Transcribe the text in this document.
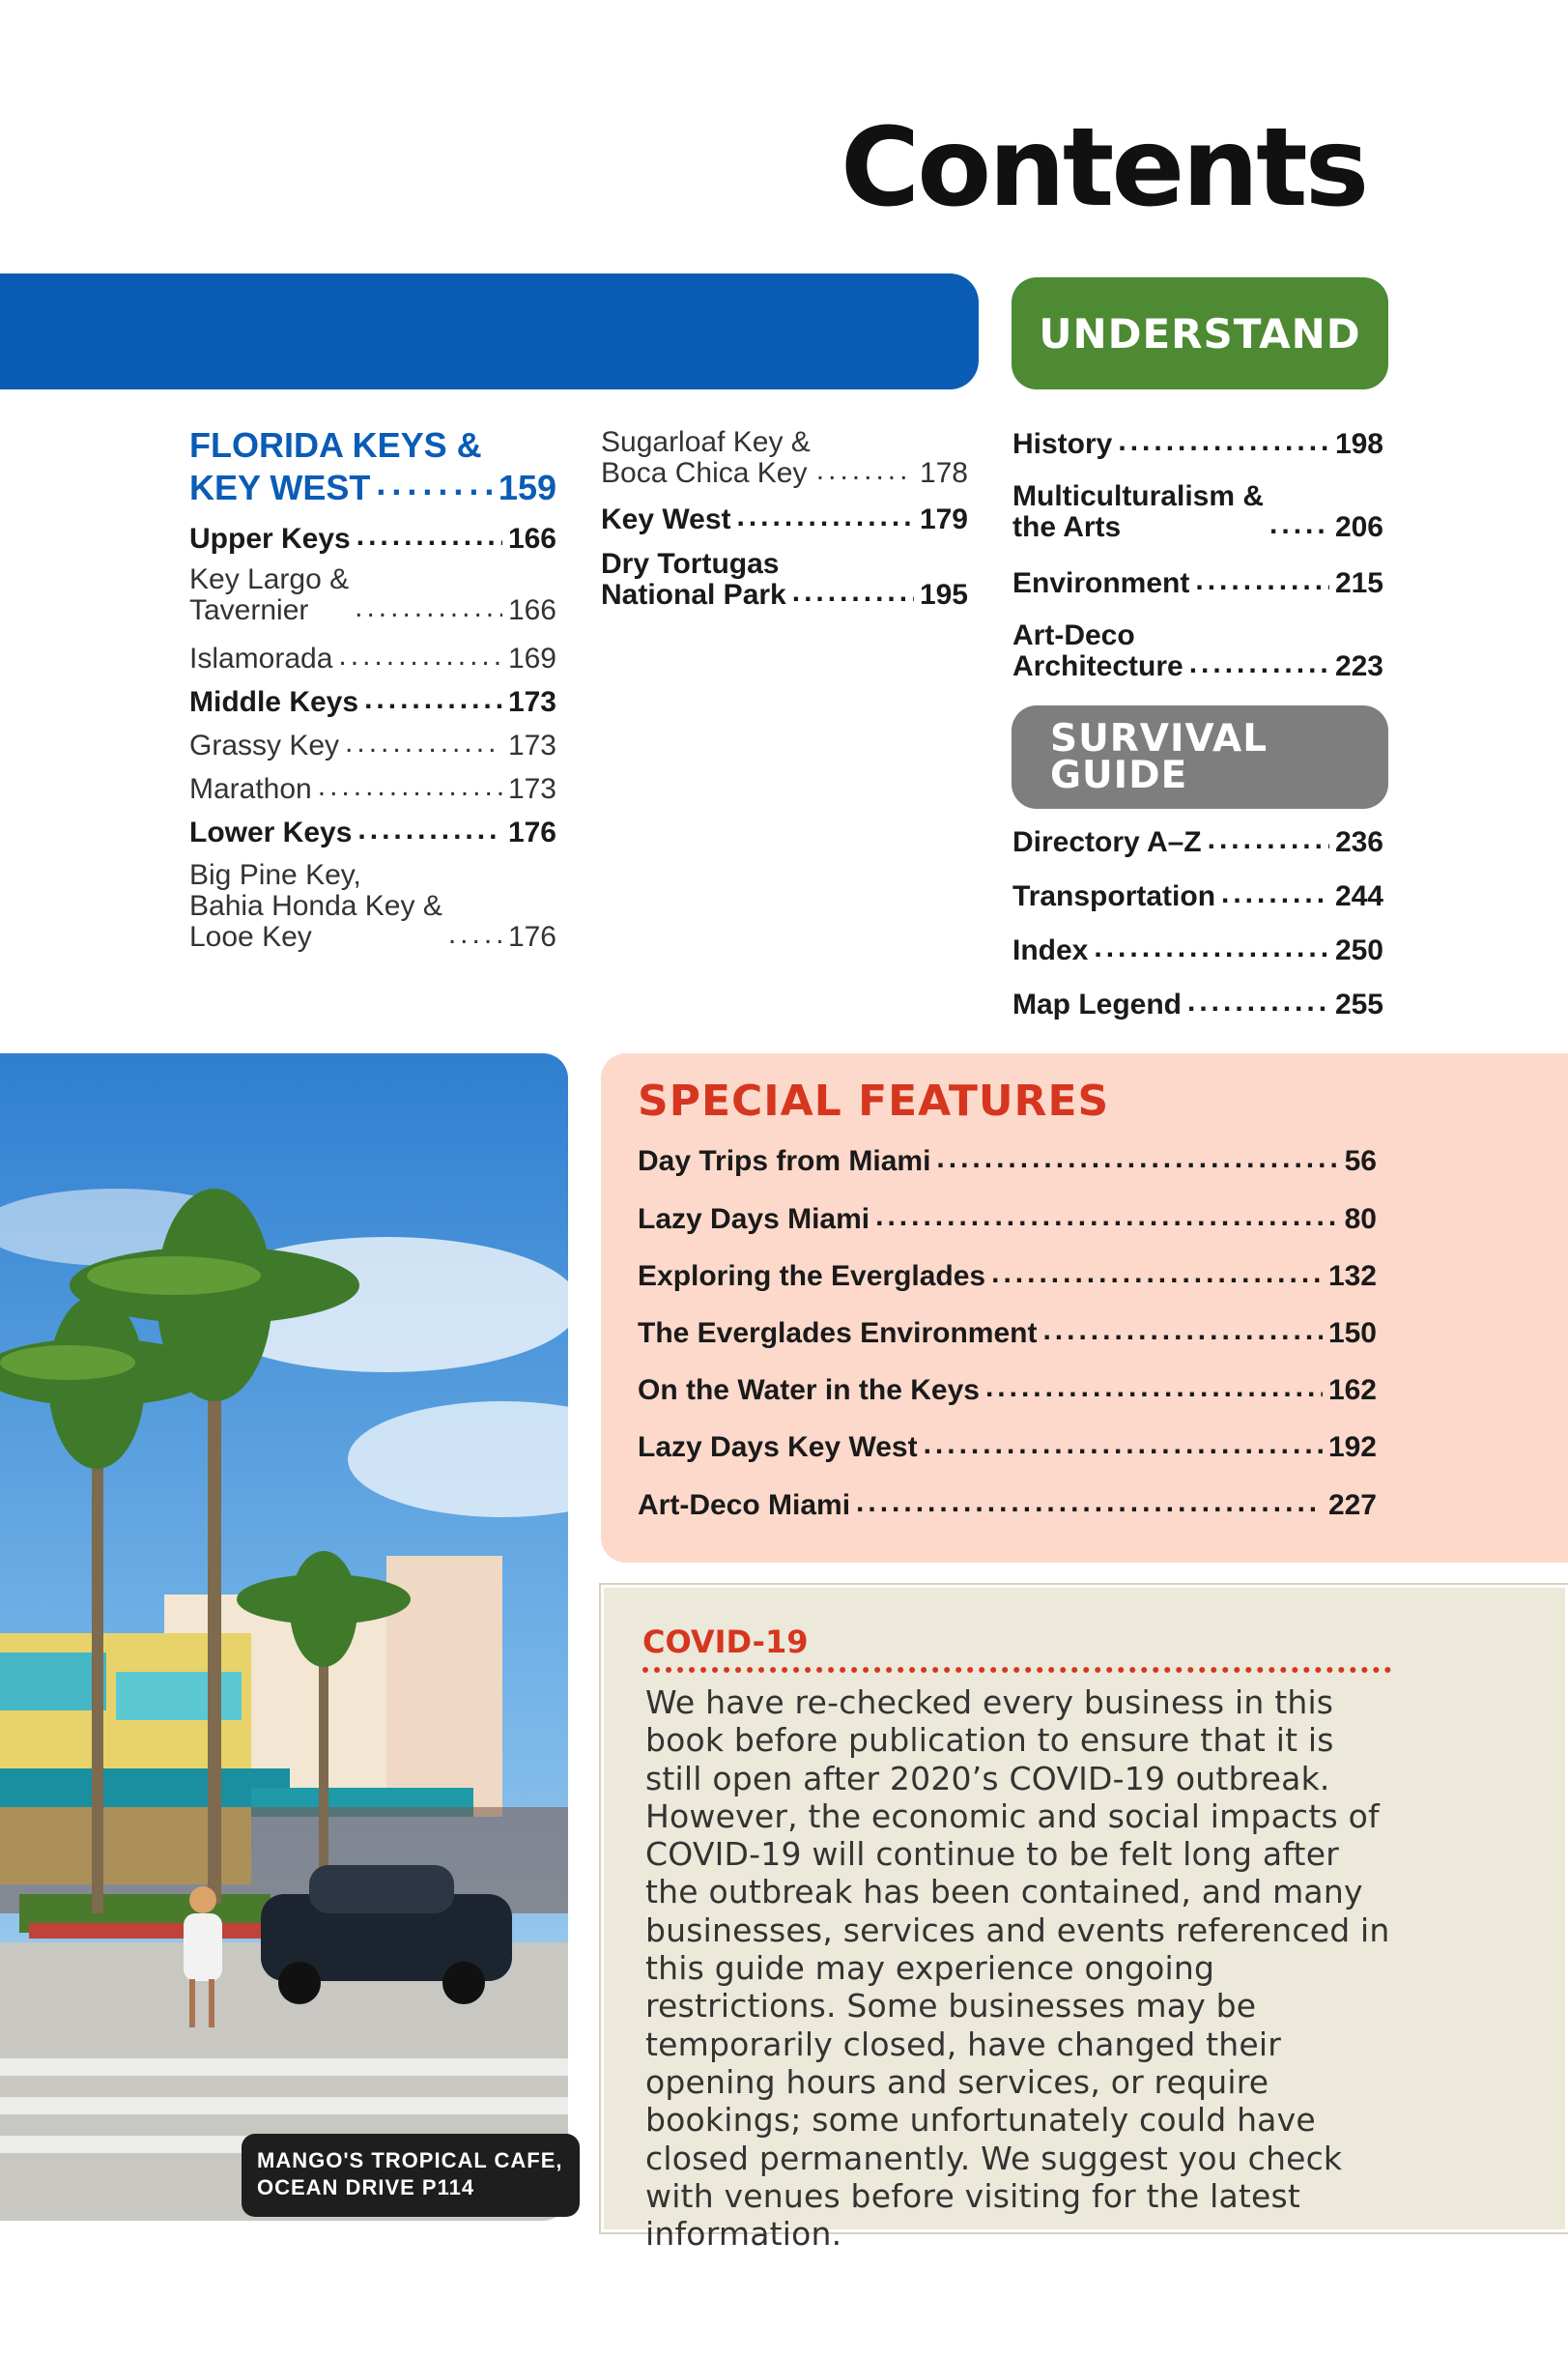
Contents
UNDERSTAND
FLORIDA KEYS &
KEY WEST .....	159
Upper Keys .....	166
Key Largo &
Tavernier .....	166
Islamorada .....	169
Middle Keys .....	173
Grassy Key .....	173
Marathon .....	173
Lower Keys .....	176
Big Pine Key,
Bahia Honda Key &
Looe Key .....	176
Sugarloaf Key &
Boca Chica Key .....	178
Key West .....	179
Dry Tortugas
National Park .....	195
History .....	198
Multiculturalism &
the Arts .....	206
Environment .....	215
Art-Deco
Architecture .....	223
SURVIVAL
GUIDE
Directory A–Z .....	236
Transportation .....	244
Index .....	250
Map Legend .....	255
MANGO'S TROPICAL CAFE,
OCEAN DRIVE P114
SPECIAL FEATURES
Day Trips from Miami .....	56
Lazy Days Miami .....	80
Exploring the Everglades .....	132
The Everglades Environment .....	150
On the Water in the Keys .....	162
Lazy Days Key West .....	192
Art-Deco Miami .....	227
COVID-19
We have re-checked every business in this book before publication to ensure that it is still open after 2020’s COVID-19 outbreak. However, the economic and social impacts of COVID-19 will continue to be felt long after the outbreak has been contained, and many businesses, services and events referenced in this guide may experience ongoing restrictions. Some businesses may be temporarily closed, have changed their opening hours and services, or require bookings; some unfortunately could have closed permanently. We suggest you check with venues before visiting for the latest information.
